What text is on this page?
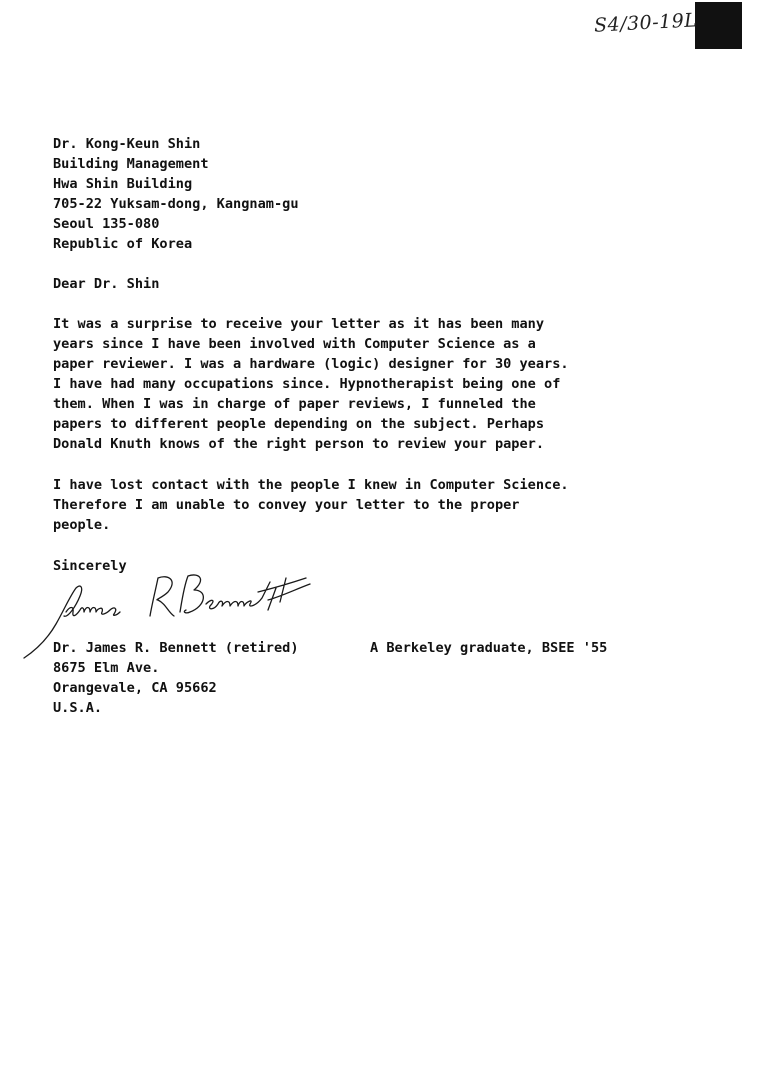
S4/30-19L
Dr. Kong-Keun Shin
Building Management
Hwa Shin Building
705-22 Yuksam-dong, Kangnam-gu
Seoul 135-080
Republic of Korea
Dear Dr. Shin
It was a surprise to receive your letter as it has been many
years since I have been involved with Computer Science as a
paper reviewer. I was a hardware (logic) designer for 30 years.
I have had many occupations since. Hypnotherapist being one of
them. When I was in charge of paper reviews, I funneled the
papers to different people depending on the subject. Perhaps
Donald Knuth knows of the right person to review your paper.
I have lost contact with the people I knew in Computer Science.
Therefore I am unable to convey your letter to the proper
people.
Sincerely
Dr. James R. Bennett (retired)
8675 Elm Ave.
Orangevale, CA 95662
U.S.A.
A Berkeley graduate, BSEE '55
